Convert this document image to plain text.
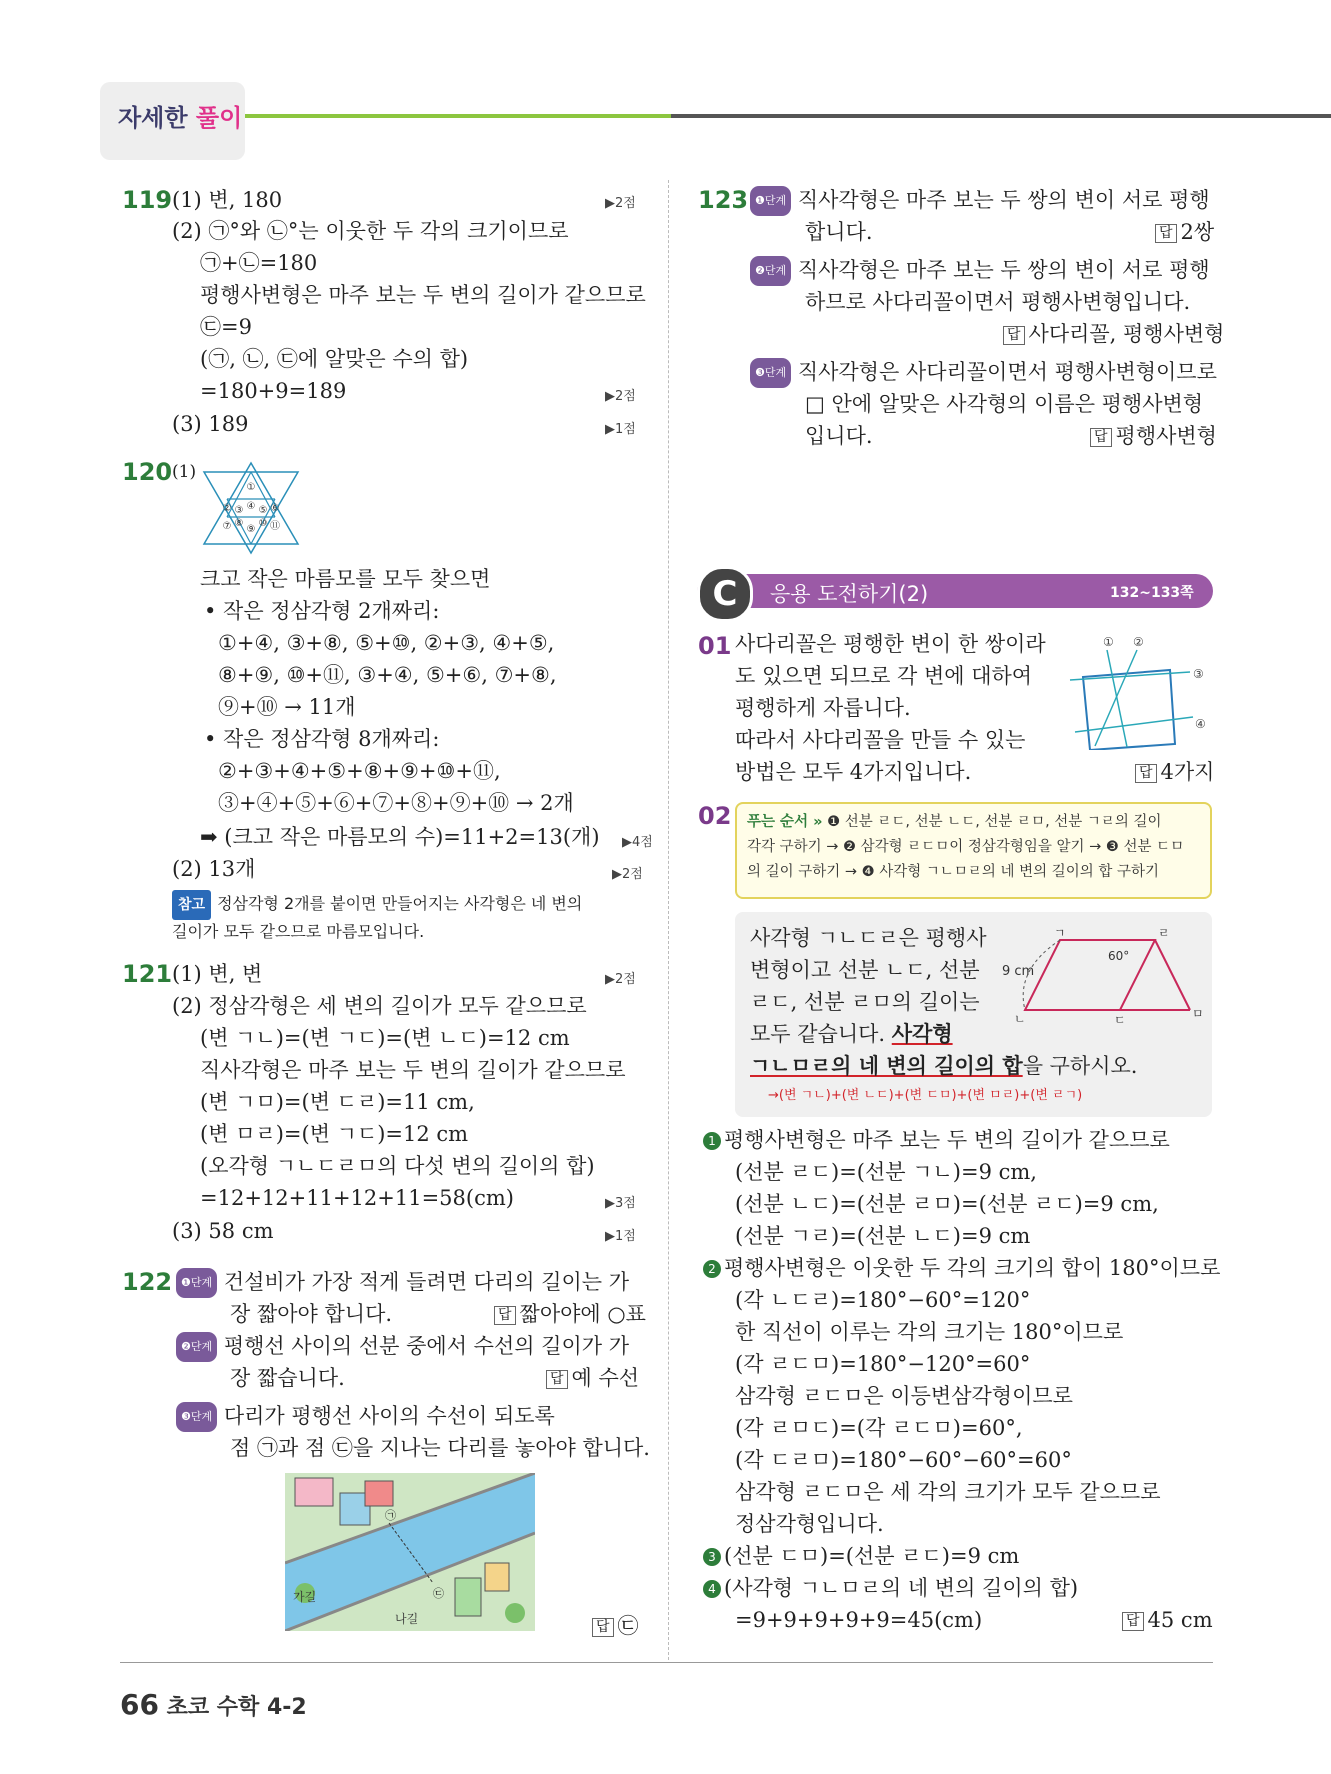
자세한 풀이
119 (1) 변, 180	▶2점
(2) ㉠°와 ㉡°는 이웃한 두 각의 크기이므로
㉠+㉡=180
평행사변형은 마주 보는 두 변의 길이가 같으므로
㉢=9
(㉠, ㉡, ㉢에 알맞은 수의 합)
=180+9=189	▶2점
(3) 189	▶1점
120 (1)
①
② ③ ④ ⑤ ⑥
⑦ ⑧
⑨
⑩ ⑪
크고 작은 마름모를 모두 찾으면
• 작은 정삼각형 2개짜리:
①+④, ③+⑧, ⑤+⑩, ②+③, ④+⑤,
⑧+⑨, ⑩+⑪, ③+④, ⑤+⑥, ⑦+⑧,
⑨+⑩ → 11개
• 작은 정삼각형 8개짜리:
②+③+④+⑤+⑧+⑨+⑩+⑪,
③+④+⑤+⑥+⑦+⑧+⑨+⑩ → 2개
➡ (크고 작은 마름모의 수)=11+2=13(개) ▶4점
(2) 13개	▶2점
참고 정삼각형 2개를 붙이면 만들어지는 사각형은 네 변의
길이가 모두 같으므로 마름모입니다.
121 (1) 변, 변	▶2점
(2) 정삼각형은 세 변의 길이가 모두 같으므로
(변 ㄱㄴ)=(변 ㄱㄷ)=(변 ㄴㄷ)=12 cm
직사각형은 마주 보는 두 변의 길이가 같으므로
(변 ㄱㅁ)=(변 ㄷㄹ)=11 cm,
(변 ㅁㄹ)=(변 ㄱㄷ)=12 cm
(오각형 ㄱㄴㄷㄹㅁ의 다섯 변의 길이의 합)
=12+12+11+12+11=58(cm)	▶3점
(3) 58 cm	▶1점
122 ❶단계 건설비가 가장 적게 들려면 다리의 길이는 가
장 짧아야 합니다.	답 짧아야에 ○표
❷단계 평행선 사이의 선분 중에서 수선의 길이가 가
장 짧습니다.	답 예 수선
❸단계 다리가 평행선 사이의 수선이 되도록
점 ㉠과 점 ㉢을 지나는 다리를 놓아야 합니다.
가길
나길
㉠
㉢
답 ㉢
123 ❶단계 직사각형은 마주 보는 두 쌍의 변이 서로 평행
합니다.	답 2쌍
❷단계 직사각형은 마주 보는 두 쌍의 변이 서로 평행
하므로 사다리꼴이면서 평행사변형입니다.
답 사다리꼴, 평행사변형
❸단계 직사각형은 사다리꼴이면서 평행사변형이므로
□ 안에 알맞은 사각형의 이름은 평행사변형
입니다.	답 평행사변형
C	응용 도전하기(2)	132~133쪽
01 사다리꼴은 평행한 변이 한 쌍이라
도 있으면 되므로 각 변에 대하여
평행하게 자릅니다.
따라서 사다리꼴을 만들 수 있는
방법은 모두 4가지입니다.
① ②
③
④
답 4가지
02 푸는 순서 » ❶ 선분 ㄹㄷ, 선분 ㄴㄷ, 선분 ㄹㅁ, 선분 ㄱㄹ의 길이
각각 구하기 → ❷ 삼각형 ㄹㄷㅁ이 정삼각형임을 알기 → ❸ 선분 ㄷㅁ
의 길이 구하기 → ❹ 사각형 ㄱㄴㅁㄹ의 네 변의 길이의 합 구하기
사각형 ㄱㄴㄷㄹ은 평행사
변형이고 선분 ㄴㄷ, 선분
ㄹㄷ, 선분 ㄹㅁ의 길이는
모두 같습니다. 사각형
ㄱㄴㅁㄹ의 네 변의 길이의 합을 구하시오.
→(변 ㄱㄴ)+(변 ㄴㄷ)+(변 ㄷㅁ)+(변 ㅁㄹ)+(변 ㄹㄱ)
ㄱ
ㄴ	ㄷ
ㄹ
ㅁ
60°
9 cm
1 평행사변형은 마주 보는 두 변의 길이가 같으므로
(선분 ㄹㄷ)=(선분 ㄱㄴ)=9 cm,
(선분 ㄴㄷ)=(선분 ㄹㅁ)=(선분 ㄹㄷ)=9 cm,
(선분 ㄱㄹ)=(선분 ㄴㄷ)=9 cm
2 평행사변형은 이웃한 두 각의 크기의 합이 180°이므로
(각 ㄴㄷㄹ)=180°−60°=120°
한 직선이 이루는 각의 크기는 180°이므로
(각 ㄹㄷㅁ)=180°−120°=60°
삼각형 ㄹㄷㅁ은 이등변삼각형이므로
(각 ㄹㅁㄷ)=(각 ㄹㄷㅁ)=60°,
(각 ㄷㄹㅁ)=180°−60°−60°=60°
삼각형 ㄹㄷㅁ은 세 각의 크기가 모두 같으므로
정삼각형입니다.
3 (선분 ㄷㅁ)=(선분 ㄹㄷ)=9 cm
4 (사각형 ㄱㄴㅁㄹ의 네 변의 길이의 합)
=9+9+9+9+9=45(cm)	답 45 cm
66 초코 수학 4-2
